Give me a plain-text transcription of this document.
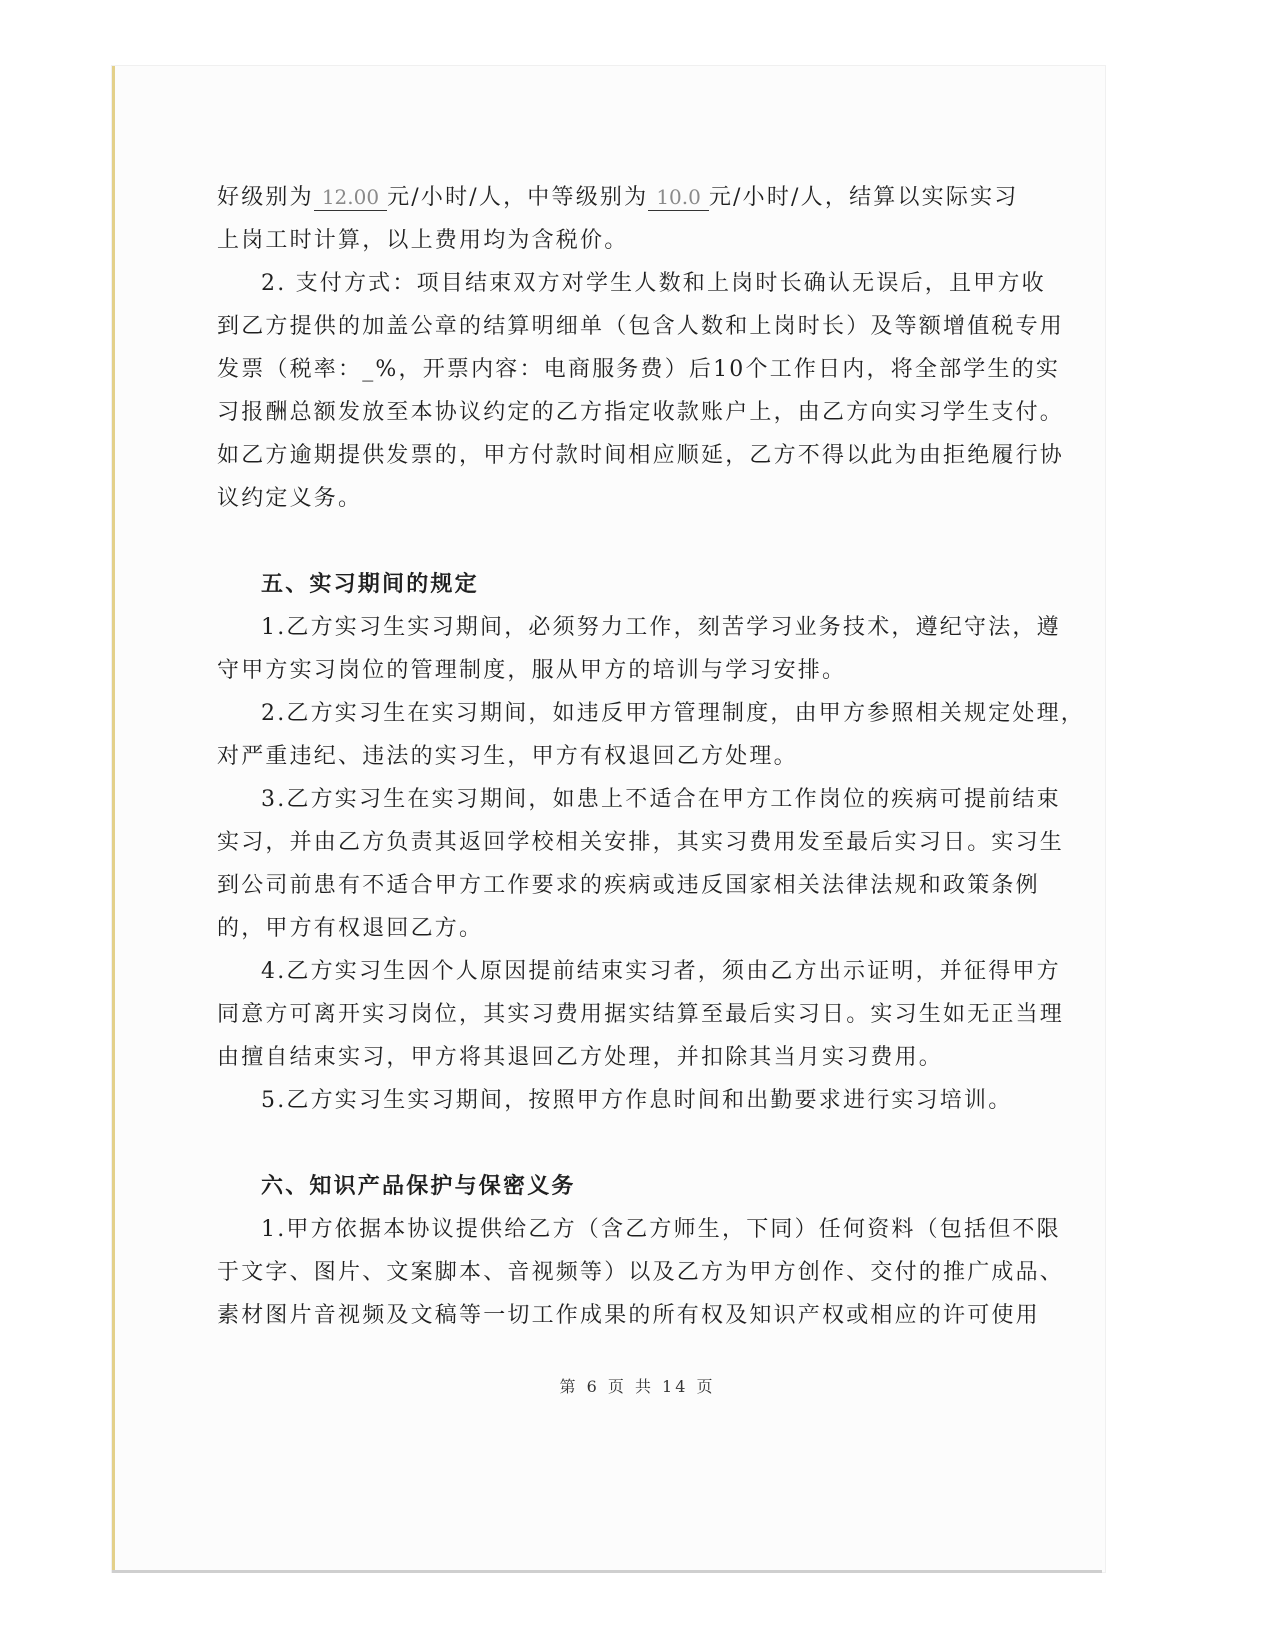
好级别为 12.00 元/小时/人，中等级别为 10.0 元/小时/人，结算以实际实习
上岗工时计算，以上费用均为含税价。
2. 支付方式：项目结束双方对学生人数和上岗时长确认无误后，且甲方收
到乙方提供的加盖公章的结算明细单（包含人数和上岗时长）及等额增值税专用
发票（税率：_%，开票内容：电商服务费）后10个工作日内，将全部学生的实
习报酬总额发放至本协议约定的乙方指定收款账户上，由乙方向实习学生支付。
如乙方逾期提供发票的，甲方付款时间相应顺延，乙方不得以此为由拒绝履行协
议约定义务。
五、实习期间的规定
1.乙方实习生实习期间，必须努力工作，刻苦学习业务技术，遵纪守法，遵
守甲方实习岗位的管理制度，服从甲方的培训与学习安排。
2.乙方实习生在实习期间，如违反甲方管理制度，由甲方参照相关规定处理，
对严重违纪、违法的实习生，甲方有权退回乙方处理。
3.乙方实习生在实习期间，如患上不适合在甲方工作岗位的疾病可提前结束
实习，并由乙方负责其返回学校相关安排，其实习费用发至最后实习日。实习生
到公司前患有不适合甲方工作要求的疾病或违反国家相关法律法规和政策条例
的，甲方有权退回乙方。
4.乙方实习生因个人原因提前结束实习者，须由乙方出示证明，并征得甲方
同意方可离开实习岗位，其实习费用据实结算至最后实习日。实习生如无正当理
由擅自结束实习，甲方将其退回乙方处理，并扣除其当月实习费用。
5.乙方实习生实习期间，按照甲方作息时间和出勤要求进行实习培训。
六、知识产品保护与保密义务
1.甲方依据本协议提供给乙方（含乙方师生，下同）任何资料（包括但不限
于文字、图片、文案脚本、音视频等）以及乙方为甲方创作、交付的推广成品、
素材图片音视频及文稿等一切工作成果的所有权及知识产权或相应的许可使用
第 6 页 共 14 页
